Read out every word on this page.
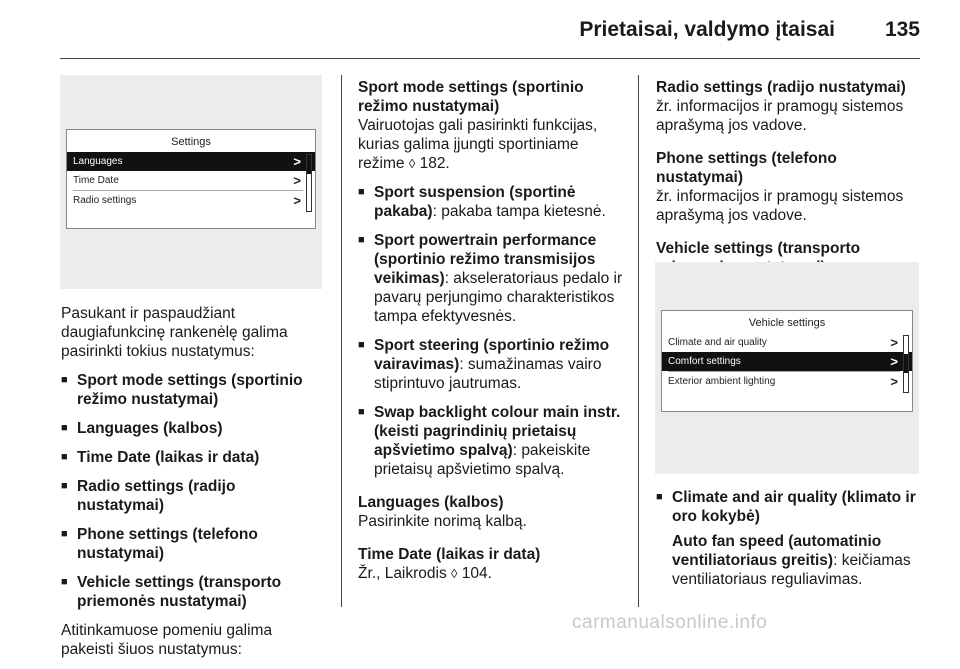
Prietaisai, valdymo įtaisai 135
Settings
Languages	>
Time Date	>
Radio settings	>

Pasukant ir paspaudžiant daugiafunkcinę rankenėlę galima pasirinkti tokius nustatymus:

■ Sport mode settings (sportinio režimo nustatymai)
■ Languages (kalbos)
■ Time Date (laikas ir data)
■ Radio settings (radijo nustatymai)
■ Phone settings (telefono nustatymai)
■ Vehicle settings (transporto priemonės nustatymai)

Atitinkamuose pomeniu galima pakeisti šiuos nustatymus:

Sport mode settings (sportinio režimo nustatymai)

Vairuotojas gali pasirinkti funkcijas, kurias galima įjungti sportiniame režime ◊ 182.

■ Sport suspension (sportinė pakaba): pakaba tampa kietesnė.
■ Sport powertrain performance (sportinio režimo transmisijos veikimas): akseleratoriaus pedalo ir pavarų perjungimo charakteristikos tampa efektyvesnės.
■ Sport steering (sportinio režimo vairavimas): sumažinamas vairo stiprintuvo jautrumas.
■ Swap backlight colour main instr. (keisti pagrindinių prietaisų apšvietimo spalvą): pakeiskite prietaisų apšvietimo spalvą.
Languages (kalbos)

Pasirinkite norimą kalbą.

Time Date (laikas ir data)

Žr., Laikrodis ◊ 104.

Radio settings (radijo nustatymai)

žr. informacijos ir pramogų sistemos aprašymą jos vadove.

Phone settings (telefono nustatymai)

žr. informacijos ir pramogų sistemos aprašymą jos vadove.

Vehicle settings (transporto
Vehicle settings
Climate and air quality	>
Comfort settings	>
Exterior ambient lighting	>
■ Climate and air quality (klimato ir oro kokybė)
Auto fan speed (automatinio ventiliatoriaus greitis): keičiamas ventiliatoriaus reguliavimas.
carmanualsonline.info
